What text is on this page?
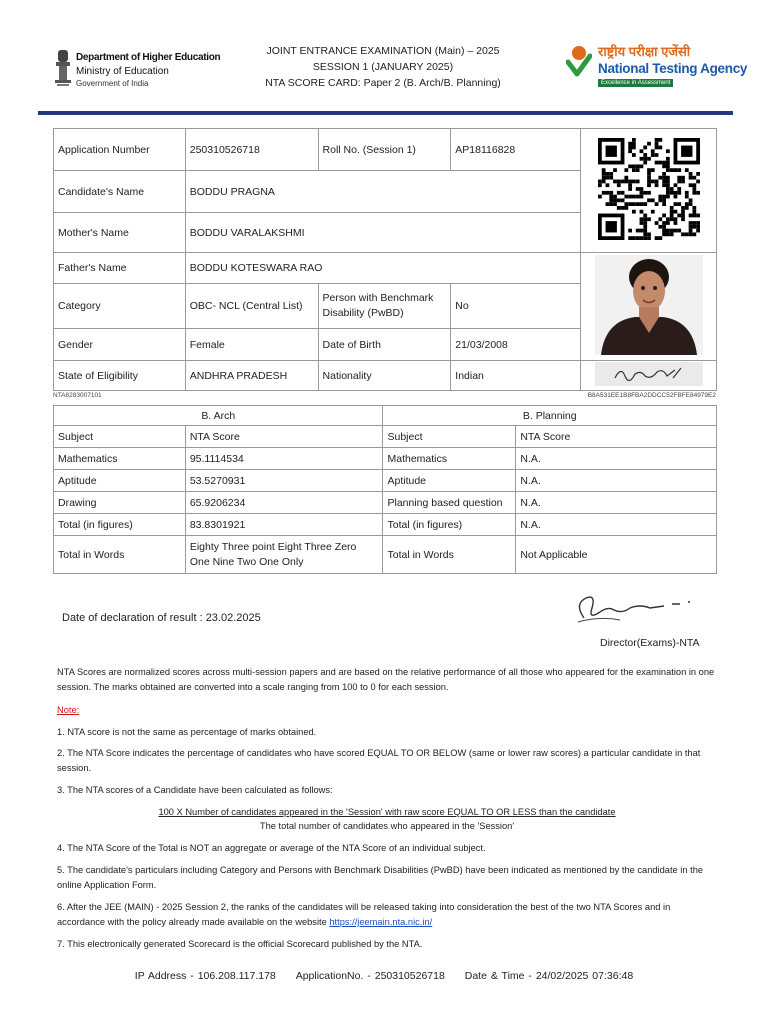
Department of Higher Education
Ministry of Education
Government of India
JOINT ENTRANCE EXAMINATION (Main) – 2025
SESSION 1 (JANUARY 2025)
NTA SCORE CARD: Paper 2 (B. Arch/B. Planning)
राष्ट्रीय परीक्षा एजेंसी
National Testing Agency
Excellence in Assessment
Application Number	250310526718	Roll No. (Session 1)	AP18116828	
Candidate's Name	BODDU PRAGNA			
Mother's Name	BODDU VARALAKSHMI			
Father's Name	BODDU KOTESWARA RAO	
Category	OBC- NCL (Central List)	Person with Benchmark Disability (PwBD)	No	
Gender	Female	Date of Birth	21/03/2008	
State of Eligibility	ANDHRA PRADESH	Nationality	Indian	
NTA8283007101	B8A531EE1B8FBA2DDCC52FBFE84979E2
B. Arch		B. Planning	
Subject	NTA Score	Subject	NTA Score
Mathematics	95.1114534	Mathematics	N.A.
Aptitude	53.5270931	Aptitude	N.A.
Drawing	65.9206234	Planning based question	N.A.
Total (in figures)	83.8301921	Total (in figures)	N.A.
Total in Words	Eighty Three point Eight Three Zero One Nine Two One Only	Total in Words	Not Applicable
Date of declaration of result : 23.02.2025
Director(Exams)-NTA
NTA Scores are normalized scores across multi-session papers and are based on the relative performance of all those who appeared for the examination in one session. The marks obtained are converted into a scale ranging from 100 to 0 for each session.
Note:
1. NTA score is not the same as percentage of marks obtained.
2. The NTA Score indicates the percentage of candidates who have scored EQUAL TO OR BELOW (same or lower raw scores) a particular candidate in that session.
3. The NTA scores of a Candidate have been calculated as follows:
100 X Number of candidates appeared in the 'Session' with raw score EQUAL TO OR LESS than the candidate
The total number of candidates who appeared in the 'Session'
4. The NTA Score of the Total is NOT an aggregate or average of the NTA Score of an individual subject.
5. The candidate's particulars including Category and Persons with Benchmark Disabilities (PwBD) have been indicated as mentioned by the candidate in the online Application Form.
6. After the JEE (MAIN) - 2025 Session 2, the ranks of the candidates will be released taking into consideration the best of the two NTA Scores and in accordance with the policy already made available on the website https://jeemain.nta.nic.in/
7. This electronically generated Scorecard is the official Scorecard published by the NTA.
IP Address - 106.208.117.178 ApplicationNo. - 250310526718 Date & Time - 24/02/2025 07:36:48
